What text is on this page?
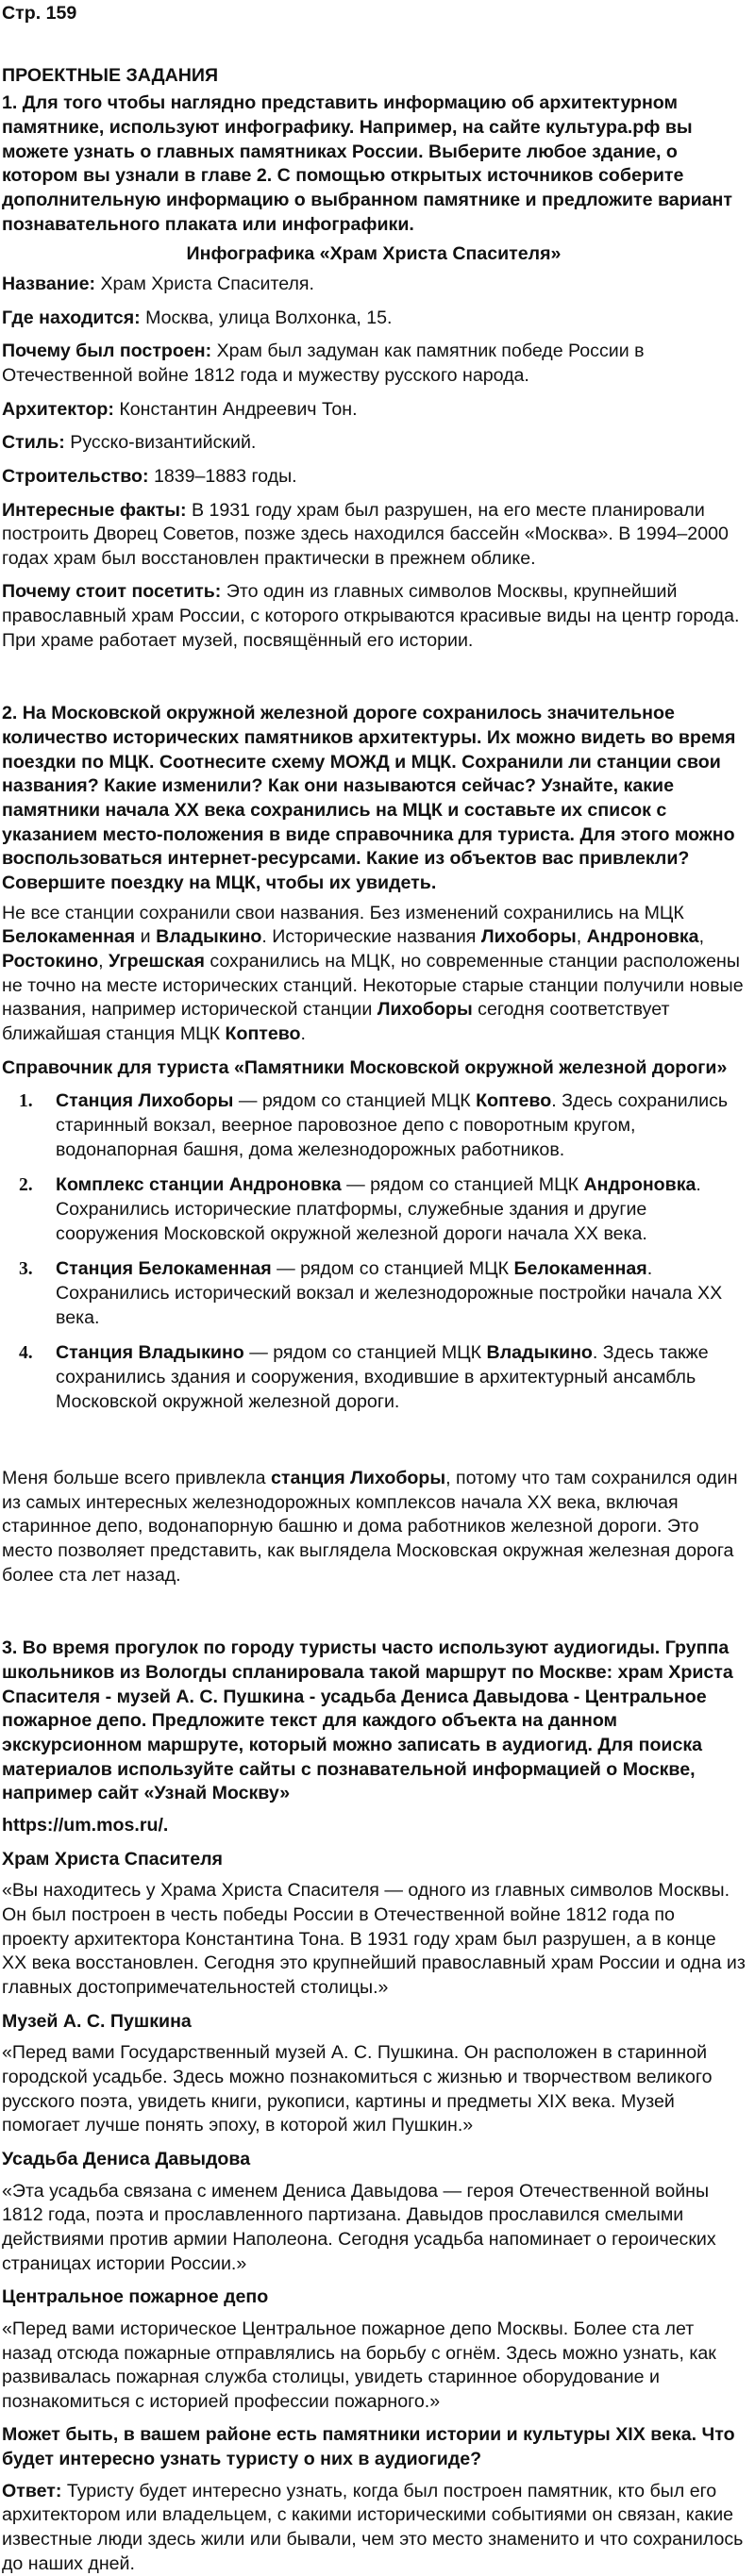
Стр. 159

ПРОЕКТНЫЕ ЗАДАНИЯ

1. Для того чтобы наглядно представить информацию об архитектурном памятнике, используют инфографику. Например, на сайте культура.рф вы можете узнать о главных памятниках России. Выберите любое здание, о котором вы узнали в главе 2. С помощью открытых источников соберите дополнительную информацию о выбранном памятнике и предложите вариант познавательного плаката или инфографики.

Инфографика «Храм Христа Спасителя»

Название: Храм Христа Спасителя.

Где находится: Москва, улица Волхонка, 15.

Почему был построен: Храм был задуман как памятник победе России в Отечественной войне 1812 года и мужеству русского народа.

Архитектор: Константин Андреевич Тон.

Стиль: Русско-византийский.

Строительство: 1839–1883 годы.

Интересные факты: В 1931 году храм был разрушен, на его месте планировали построить Дворец Советов, позже здесь находился бассейн «Москва». В 1994–2000 годах храм был восстановлен практически в прежнем облике.

Почему стоит посетить: Это один из главных символов Москвы, крупнейший православный храм России, с которого открываются красивые виды на центр города. При храме работает музей, посвящённый его истории.

2. На Московской окружной железной дороге сохранилось значительное количество исторических памятников архитектуры. Их можно видеть во время поездки по МЦК. Соотнесите схему МОЖД и МЦК. Сохранили ли станции свои названия? Какие изменили? Как они называются сейчас? Узнайте, какие памятники начала XX века сохранились на МЦК и составьте их список с указанием место-положения в виде справочника для туриста. Для этого можно воспользоваться интернет-ресурсами. Какие из объектов вас привлекли? Совершите поездку на МЦК, чтобы их увидеть.

Не все станции сохранили свои названия. Без изменений сохранились на МЦК Белокаменная и Владыкино. Исторические названия Лихоборы, Андроновка, Ростокино, Угрешская сохранились на МЦК, но современные станции расположены не точно на месте исторических станций. Некоторые старые станции получили новые названия, например исторической станции Лихоборы сегодня соответствует ближайшая станция МЦК Коптево.

Справочник для туриста «Памятники Московской окружной железной дороги»

1. Станция Лихоборы — рядом со станцией МЦК Коптево. Здесь сохранились старинный вокзал, веерное паровозное депо с поворотным кругом, водонапорная башня, дома железнодорожных работников.
2. Комплекс станции Андроновка — рядом со станцией МЦК Андроновка. Сохранились исторические платформы, служебные здания и другие сооружения Московской окружной железной дороги начала XX века.
3. Станция Белокаменная — рядом со станцией МЦК Белокаменная. Сохранились исторический вокзал и железнодорожные постройки начала XX века.
4. Станция Владыкино — рядом со станцией МЦК Владыкино. Здесь также сохранились здания и сооружения, входившие в архитектурный ансамбль Московской окружной железной дороги.

Меня больше всего привлекла станция Лихоборы, потому что там сохранился один из самых интересных железнодорожных комплексов начала XX века, включая старинное депо, водонапорную башню и дома работников железной дороги. Это место позволяет представить, как выглядела Московская окружная железная дорога более ста лет назад.

3. Во время прогулок по городу туристы часто используют аудиогиды. Группа школьников из Вологды спланировала такой маршрут по Москве: храм Христа Спасителя - музей А. С. Пушкина - усадьба Дениса Давыдова - Центральное пожарное депо. Предложите текст для каждого объекта на данном экскурсионном маршруте, который можно записать в аудиогид. Для поиска материалов используйте сайты с познавательной информацией о Москве, например сайт «Узнай Москву»

https://um.mos.ru/.

Храм Христа Спасителя

«Вы находитесь у Храма Христа Спасителя — одного из главных символов Москвы. Он был построен в честь победы России в Отечественной войне 1812 года по проекту архитектора Константина Тона. В 1931 году храм был разрушен, а в конце XX века восстановлен. Сегодня это крупнейший православный храм России и одна из главных достопримечательностей столицы.»

Музей А. С. Пушкина

«Перед вами Государственный музей А. С. Пушкина. Он расположен в старинной городской усадьбе. Здесь можно познакомиться с жизнью и творчеством великого русского поэта, увидеть книги, рукописи, картины и предметы XIX века. Музей помогает лучше понять эпоху, в которой жил Пушкин.»

Усадьба Дениса Давыдова

«Эта усадьба связана с именем Дениса Давыдова — героя Отечественной войны 1812 года, поэта и прославленного партизана. Давыдов прославился смелыми действиями против армии Наполеона. Сегодня усадьба напоминает о героических страницах истории России.»

Центральное пожарное депо

«Перед вами историческое Центральное пожарное депо Москвы. Более ста лет назад отсюда пожарные отправлялись на борьбу с огнём. Здесь можно узнать, как развивалась пожарная служба столицы, увидеть старинное оборудование и познакомиться с историей профессии пожарного.»

Может быть, в вашем районе есть памятники истории и культуры XIX века. Что будет интересно узнать туристу о них в аудиогиде?

Ответ: Туристу будет интересно узнать, когда был построен памятник, кто был его архитектором или владельцем, с какими историческими событиями он связан, какие известные люди здесь жили или бывали, чем это место знаменито и что сохранилось до наших дней.
